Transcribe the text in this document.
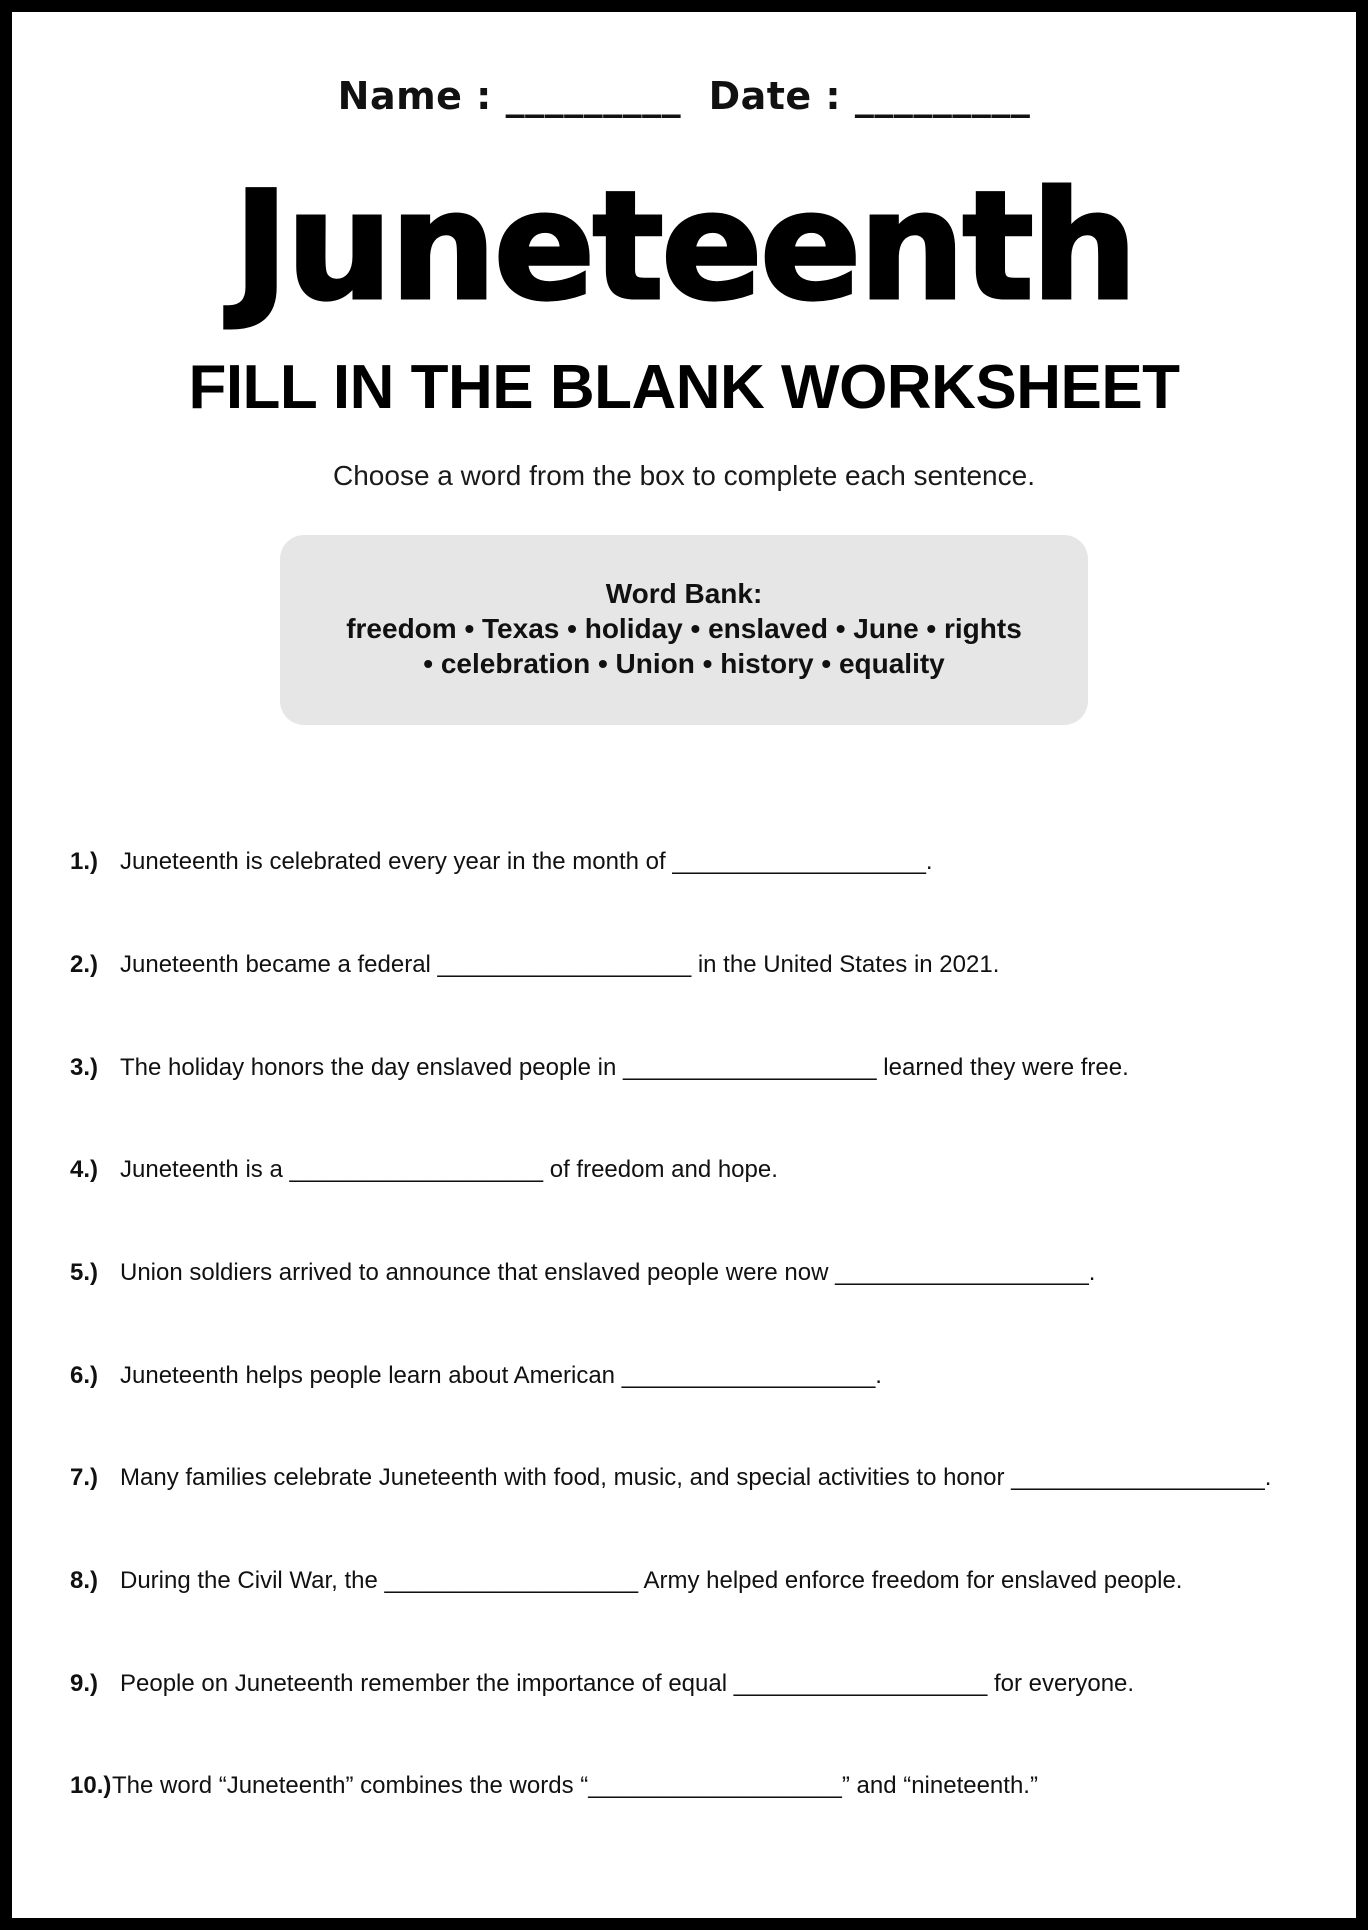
Name : _________ Date : _________
Juneteenth
FILL IN THE BLANK WORKSHEET
Choose a word from the box to complete each sentence.
Word Bank:
freedom • Texas • holiday • enslaved • June • rights
• celebration • Union • history • equality
1.) Juneteenth is celebrated every year in the month of ___________________.
2.) Juneteenth became a federal ___________________ in the United States in 2021.
3.) The holiday honors the day enslaved people in ___________________ learned they were free.
4.) Juneteenth is a ___________________ of freedom and hope.
5.) Union soldiers arrived to announce that enslaved people were now ___________________.
6.) Juneteenth helps people learn about American ___________________.
7.) Many families celebrate Juneteenth with food, music, and special activities to honor ___________________.
8.) During the Civil War, the ___________________ Army helped enforce freedom for enslaved people.
9.) People on Juneteenth remember the importance of equal ___________________ for everyone.
10.)The word “Juneteenth” combines the words “___________________” and “nineteenth.”
